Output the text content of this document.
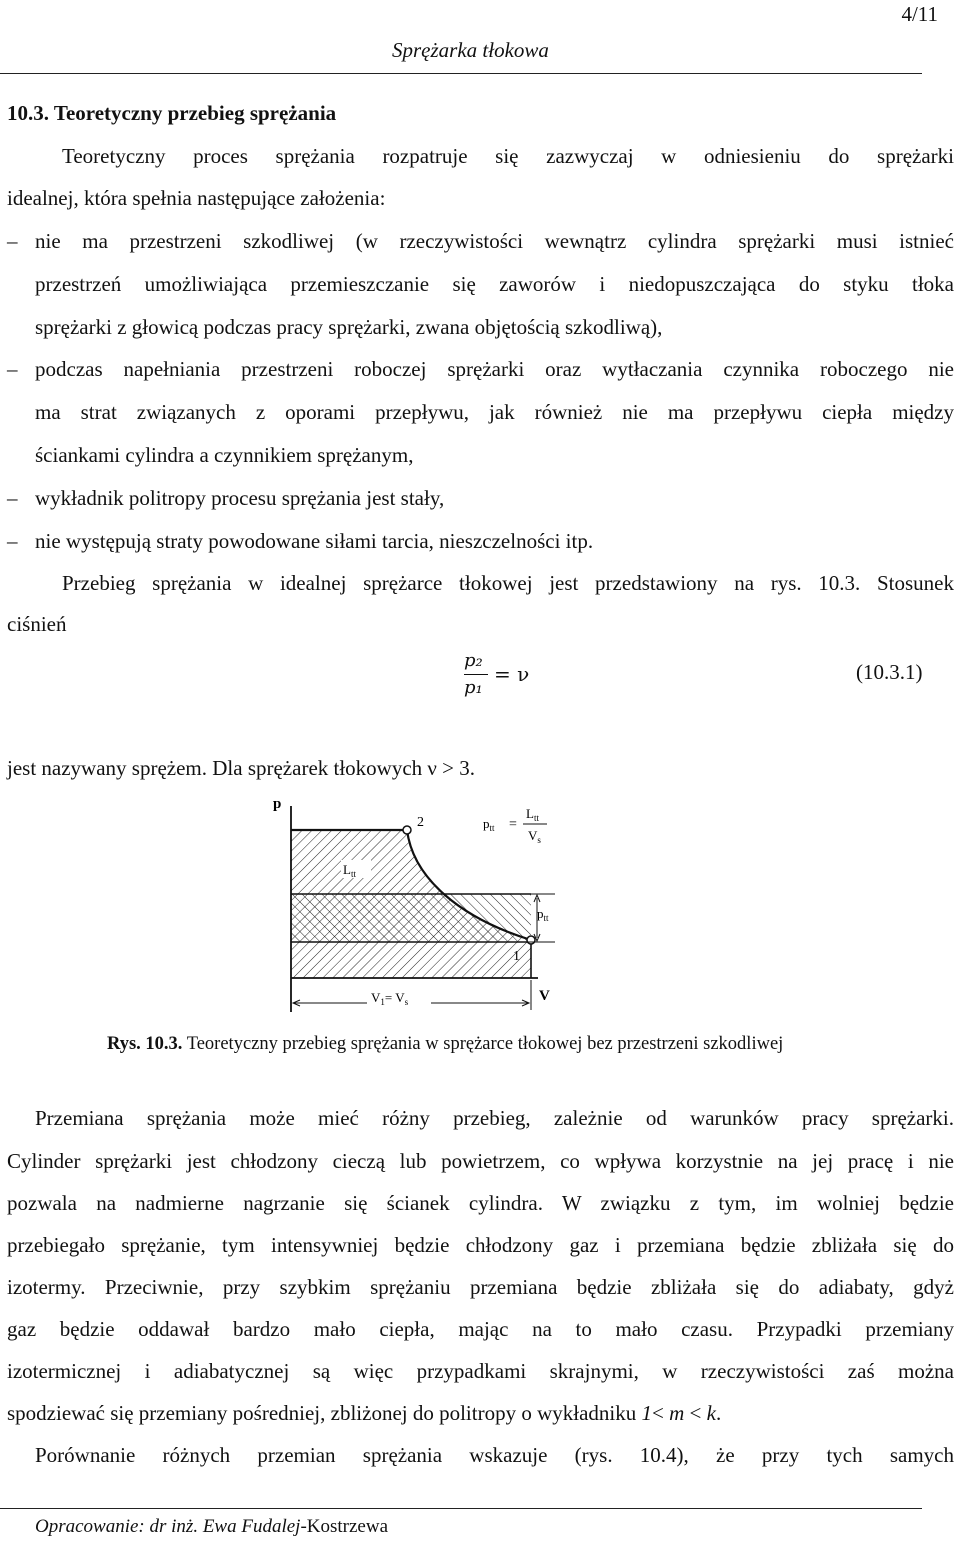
4/11
Sprężarka tłokowa
10.3. Teoretyczny przebieg sprężania
Teoretyczny proces sprężania rozpatruje się zazwyczaj w odniesieniu do sprężarki
idealnej, która spełnia następujące założenia:
– nie ma przestrzeni szkodliwej (w rzeczywistości wewnątrz cylindra sprężarki musi istnieć
przestrzeń umożliwiająca przemieszczanie się zaworów i niedopuszczająca do styku tłoka
sprężarki z głowicą podczas pracy sprężarki, zwana objętością szkodliwą),
– podczas napełniania przestrzeni roboczej sprężarki oraz wytłaczania czynnika roboczego nie
ma strat związanych z oporami przepływu, jak również nie ma przepływu ciepła między
ściankami cylindra a czynnikiem sprężanym,
– wykładnik politropy procesu sprężania jest stały,
– nie występują straty powodowane siłami tarcia, nieszczelności itp.
Przebieg sprężania w idealnej sprężarce tłokowej jest przedstawiony na rys. 10.3. Stosunek
ciśnień
p₂
p₁
= ν	(10.3.1)
jest nazywany sprężem. Dla sprężarek tłokowych ν > 3.
p
V
2
1
$L_{tt}$
$p_{tt}$ =
$L_{tt}$
$V_s$
$p_{tt}$
$V_1= V_s$
Rys. 10.3. Teoretyczny przebieg sprężania w sprężarce tłokowej bez przestrzeni szkodliwej
Przemiana sprężania może mieć różny przebieg, zależnie od warunków pracy sprężarki.
Cylinder sprężarki jest chłodzony cieczą lub powietrzem, co wpływa korzystnie na jej pracę i nie
pozwala na nadmierne nagrzanie się ścianek cylindra. W związku z tym, im wolniej będzie
przebiegało sprężanie, tym intensywniej będzie chłodzony gaz i przemiana będzie zbliżała się do
izotermy. Przeciwnie, przy szybkim sprężaniu przemiana będzie zbliżała się do adiabaty, gdyż
gaz będzie oddawał bardzo mało ciepła, mając na to mało czasu. Przypadki przemiany
izotermicznej i adiabatycznej są więc przypadkami skrajnymi, w rzeczywistości zaś można
spodziewać się przemiany pośredniej, zbliżonej do politropy o wykładniku 1< m < k.
Porównanie różnych przemian sprężania wskazuje (rys. 10.4), że przy tych samych
Opracowanie: dr inż. Ewa Fudalej-Kostrzewa
